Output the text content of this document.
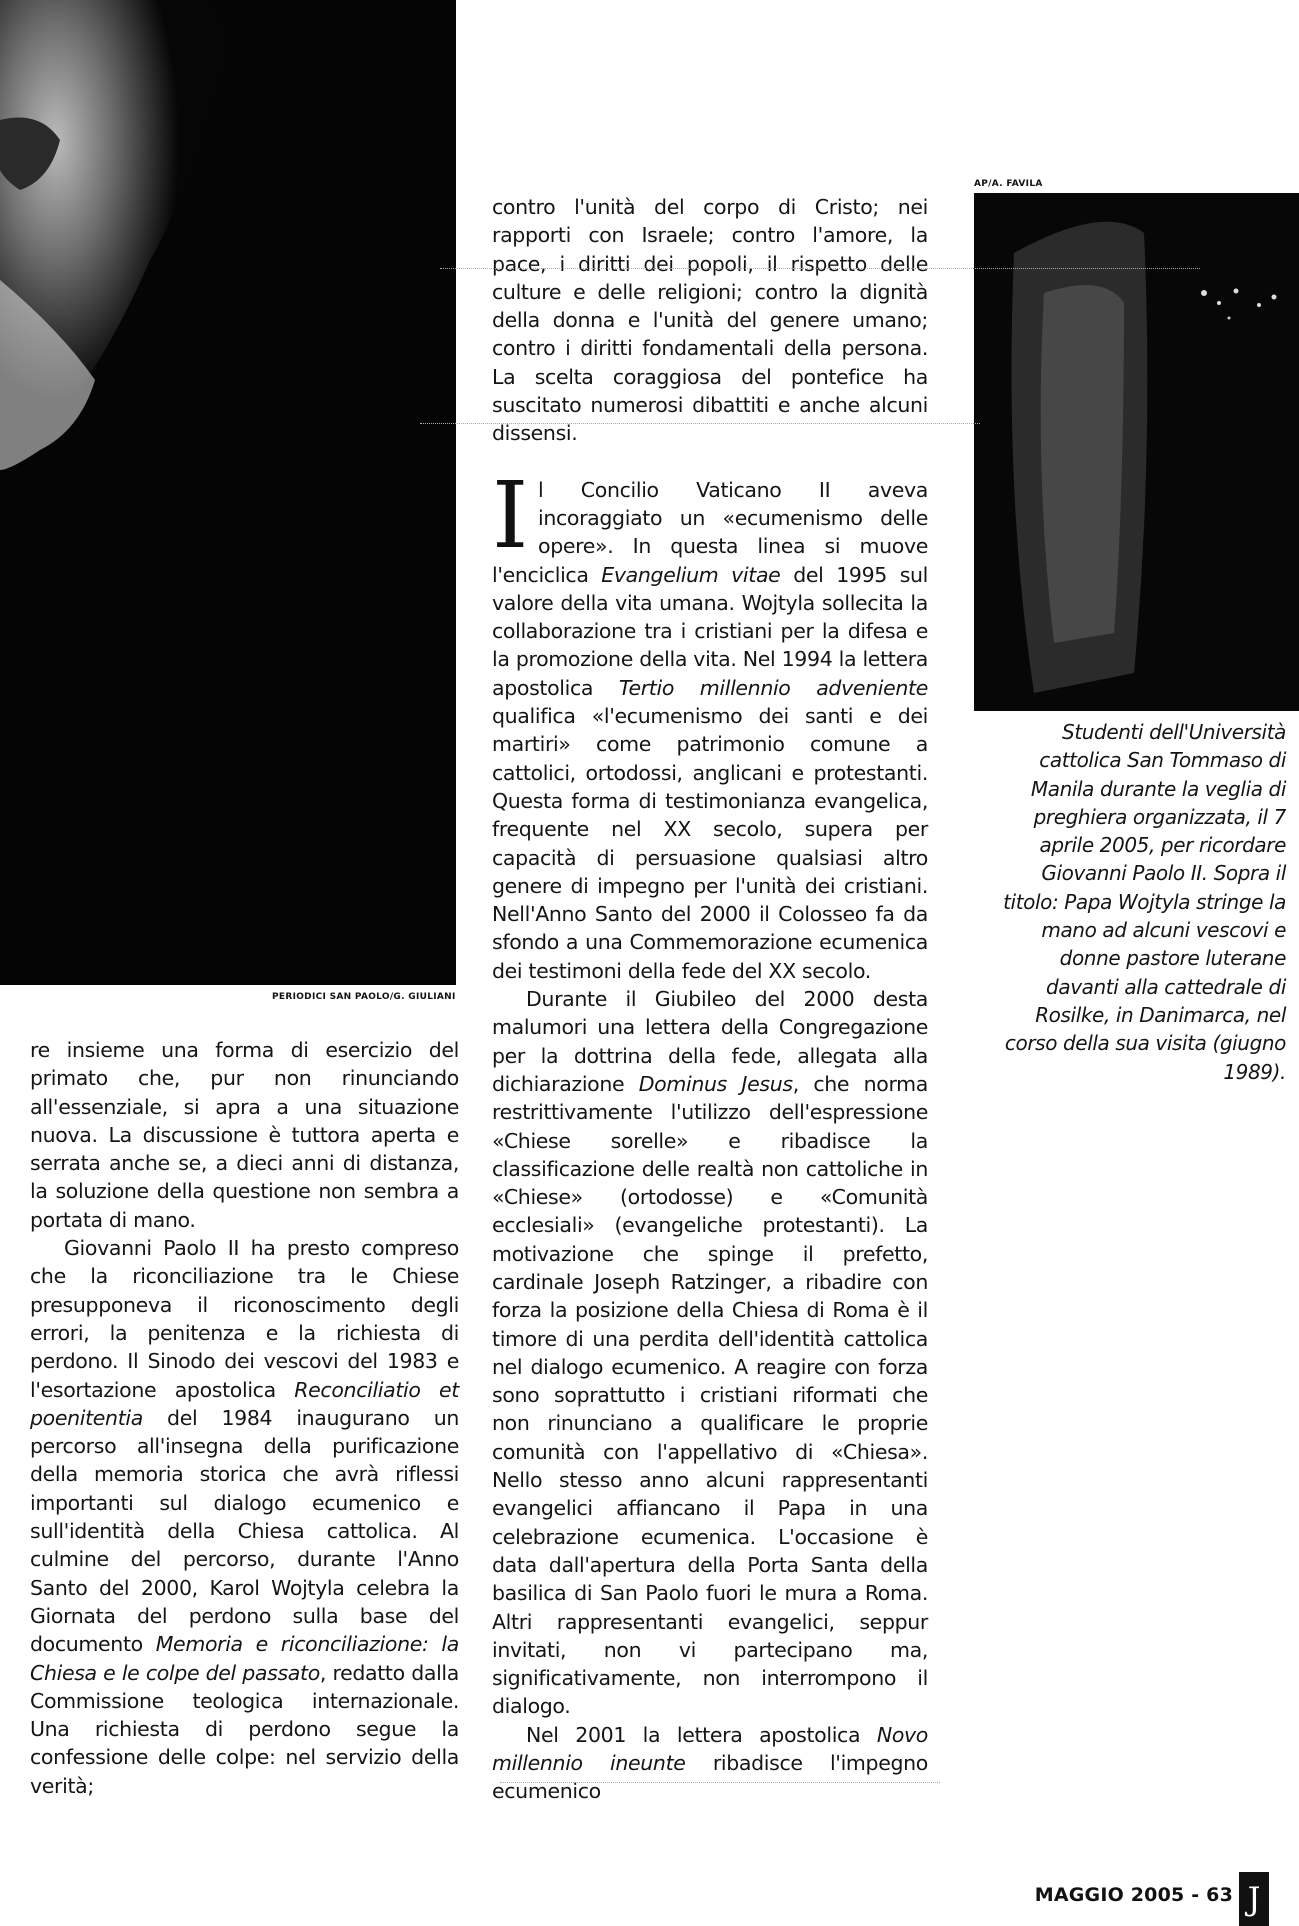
PERIODICI SAN PAOLO/G. GIULIANI
AP/A. FAVILA

re insieme una forma di esercizio del primato che, pur non rinunciando all'essenziale, si apra a una situazione nuova. La discussione è tuttora aperta e serrata anche se, a dieci anni di distanza, la soluzione della questione non sembra a portata di mano.

Giovanni Paolo II ha presto compreso che la riconciliazione tra le Chiese presupponeva il riconoscimento degli errori, la penitenza e la richiesta di perdono. Il Sinodo dei vescovi del 1983 e l'esortazione apostolica Reconciliatio et poenitentia del 1984 inaugurano un percorso all'insegna della purificazione della memoria storica che avrà riflessi importanti sul dialogo ecumenico e sull'identità della Chiesa cattolica. Al culmine del percorso, durante l'Anno Santo del 2000, Karol Wojtyla celebra la Giornata del perdono sulla base del documento Memoria e riconciliazione: la Chiesa e le colpe del passato, redatto dalla Commissione teologica internazionale. Una richiesta di perdono segue la confessione delle colpe: nel servizio della verità;

contro l'unità del corpo di Cristo; nei rapporti con Israele; contro l'amore, la pace, i diritti dei popoli, il rispetto delle culture e delle religioni; contro la dignità della donna e l'unità del genere umano; contro i diritti fondamentali della persona. La scelta coraggiosa del pontefice ha suscitato numerosi dibattiti e anche alcuni dissensi.

Il Concilio Vaticano II aveva incoraggiato un «ecumenismo delle opere». In questa linea si muove l'enciclica Evangelium vitae del 1995 sul valore della vita umana. Wojtyla sollecita la collaborazione tra i cristiani per la difesa e la promozione della vita. Nel 1994 la lettera apostolica Tertio millennio adveniente qualifica «l'ecumenismo dei santi e dei martiri» come patrimonio comune a cattolici, ortodossi, anglicani e protestanti. Questa forma di testimonianza evangelica, frequente nel XX secolo, supera per capacità di persuasione qualsiasi altro genere di impegno per l'unità dei cristiani. Nell'Anno Santo del 2000 il Colosseo fa da sfondo a una Commemorazione ecumenica dei testimoni della fede del XX secolo.

Durante il Giubileo del 2000 desta malumori una lettera della Congregazione per la dottrina della fede, allegata alla dichiarazione Dominus Jesus, che norma restrittivamente l'utilizzo dell'espressione «Chiese sorelle» e ribadisce la classificazione delle realtà non cattoliche in «Chiese» (ortodosse) e «Comunità ecclesiali» (evangeliche protestanti). La motivazione che spinge il prefetto, cardinale Joseph Ratzinger, a ribadire con forza la posizione della Chiesa di Roma è il timore di una perdita dell'identità cattolica nel dialogo ecumenico. A reagire con forza sono soprattutto i cristiani riformati che non rinunciano a qualificare le proprie comunità con l'appellativo di «Chiesa». Nello stesso anno alcuni rappresentanti evangelici affiancano il Papa in una celebrazione ecumenica. L'occasione è data dall'apertura della Porta Santa della basilica di San Paolo fuori le mura a Roma. Altri rappresentanti evangelici, seppur invitati, non vi partecipano ma, significativamente, non interrompono il dialogo.

Nel 2001 la lettera apostolica Novo millennio ineunte ribadisce l'impegno ecumenico

Studenti dell'Università cattolica San Tommaso di Manila durante la veglia di preghiera organizzata, il 7 aprile 2005, per ricordare Giovanni Paolo II. Sopra il titolo: Papa Wojtyla stringe la mano ad alcuni vescovi e donne pastore luterane davanti alla cattedrale di Rosilke, in Danimarca, nel corso della sua visita (giugno 1989).
MAGGIO 2005 - 63 J
